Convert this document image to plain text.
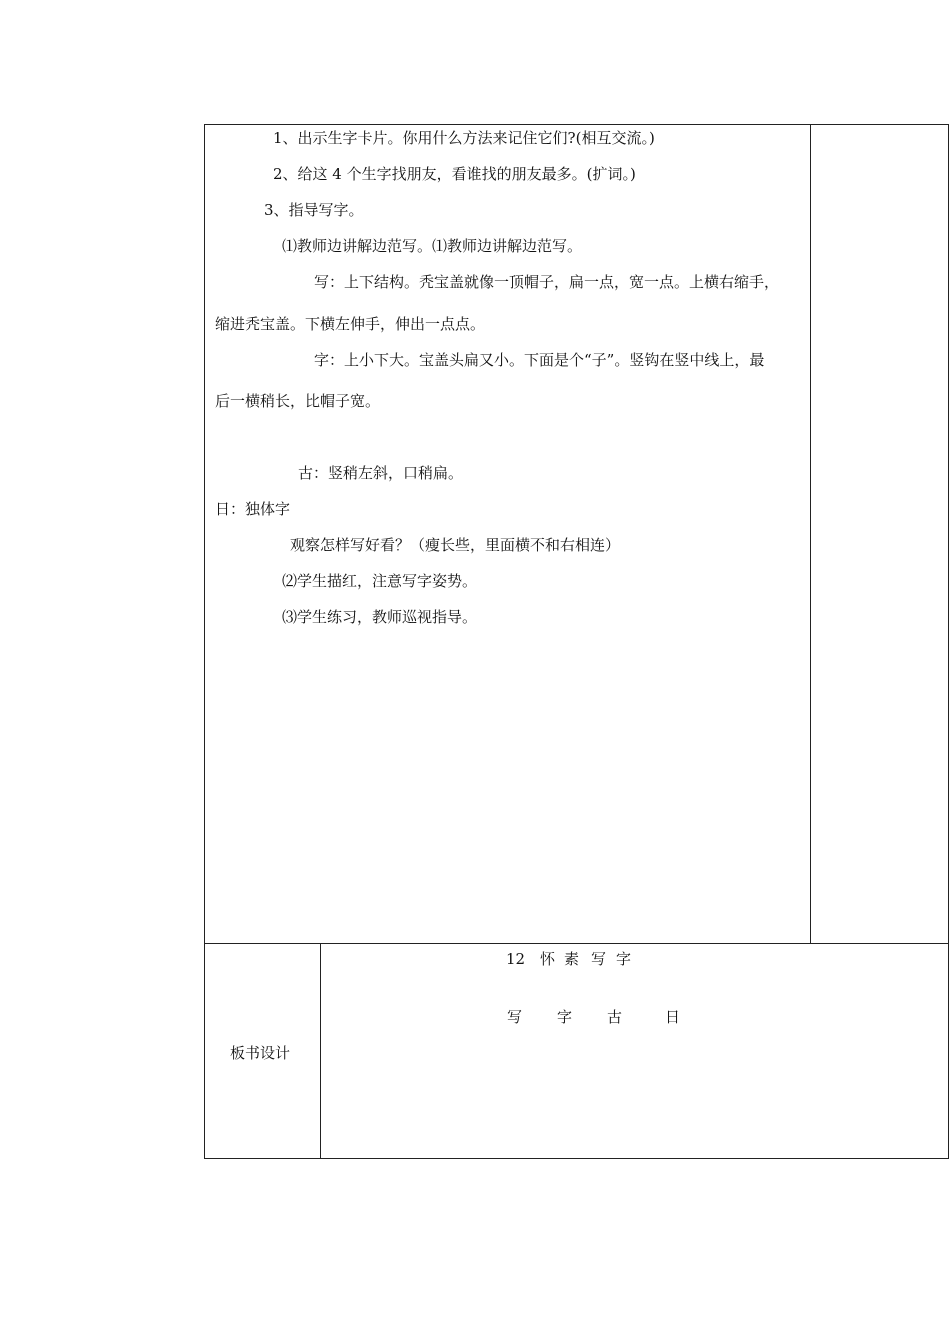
1、出示生字卡片。你用什么方法来记住它们?(相互交流。)
2、给这 4 个生字找朋友，看谁找的朋友最多。(扩词。)
3、指导写字。
⑴教师边讲解边范写。⑴教师边讲解边范写。
写：上下结构。秃宝盖就像一顶帽子，扁一点，宽一点。上横右缩手，
缩进秃宝盖。下横左伸手，伸出一点点。
字：上小下大。宝盖头扁又小。下面是个“子”。竖钩在竖中线上，最
后一横稍长，比帽子宽。
古：竖稍左斜，口稍扁。
日：独体字
观察怎样写好看？（瘦长些，里面横不和右相连）
⑵学生描红，注意写字姿势。
⑶学生练习，教师巡视指导。
板书设计
12 怀 素 写 字
写 字 古	日
